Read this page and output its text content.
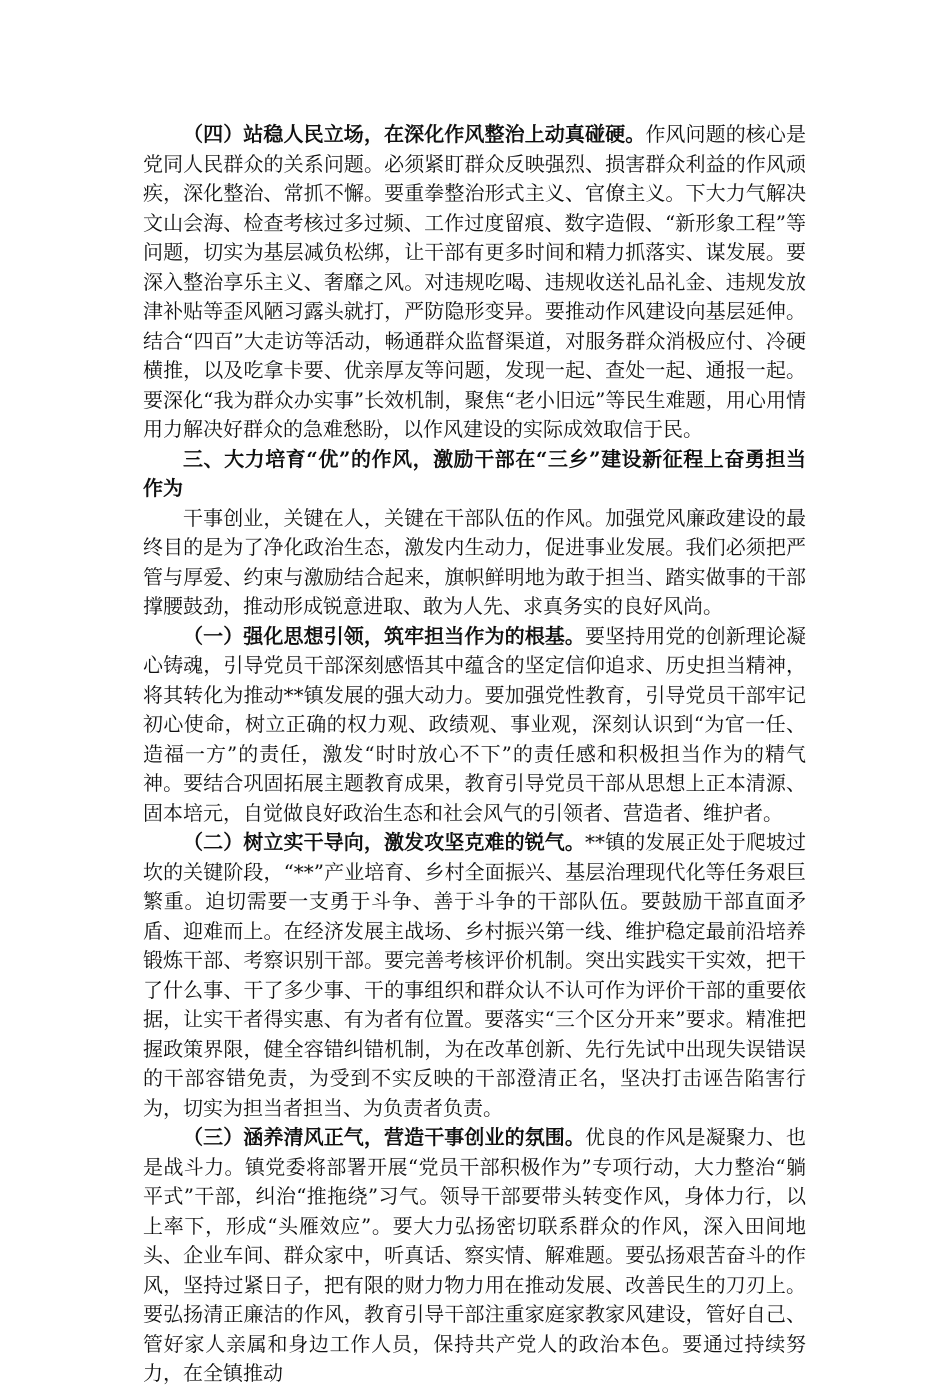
（四）站稳人民立场，在深化作风整治上动真碰硬。作风问题的核心是党同人民群众的关系问题。必须紧盯群众反映强烈、损害群众利益的作风顽疾，深化整治、常抓不懈。要重拳整治形式主义、官僚主义。下大力气解决文山会海、检查考核过多过频、工作过度留痕、数字造假、“新形象工程”等问题，切实为基层减负松绑，让干部有更多时间和精力抓落实、谋发展。要深入整治享乐主义、奢靡之风。对违规吃喝、违规收送礼品礼金、违规发放津补贴等歪风陋习露头就打，严防隐形变异。要推动作风建设向基层延伸。结合“四百”大走访等活动，畅通群众监督渠道，对服务群众消极应付、冷硬横推，以及吃拿卡要、优亲厚友等问题，发现一起、查处一起、通报一起。要深化“我为群众办实事”长效机制，聚焦“老小旧远”等民生难题，用心用情用力解决好群众的急难愁盼，以作风建设的实际成效取信于民。

三、大力培育“优”的作风，激励干部在“三乡”建设新征程上奋勇担当作为

干事创业，关键在人，关键在干部队伍的作风。加强党风廉政建设的最终目的是为了净化政治生态，激发内生动力，促进事业发展。我们必须把严管与厚爱、约束与激励结合起来，旗帜鲜明地为敢于担当、踏实做事的干部撑腰鼓劲，推动形成锐意进取、敢为人先、求真务实的良好风尚。

（一）强化思想引领，筑牢担当作为的根基。要坚持用党的创新理论凝心铸魂，引导党员干部深刻感悟其中蕴含的坚定信仰追求、历史担当精神，将其转化为推动**镇发展的强大动力。要加强党性教育，引导党员干部牢记初心使命，树立正确的权力观、政绩观、事业观，深刻认识到“为官一任、造福一方”的责任，激发“时时放心不下”的责任感和积极担当作为的精气神。要结合巩固拓展主题教育成果，教育引导党员干部从思想上正本清源、固本培元，自觉做良好政治生态和社会风气的引领者、营造者、维护者。

（二）树立实干导向，激发攻坚克难的锐气。**镇的发展正处于爬坡过坎的关键阶段，“**”产业培育、乡村全面振兴、基层治理现代化等任务艰巨繁重。迫切需要一支勇于斗争、善于斗争的干部队伍。要鼓励干部直面矛盾、迎难而上。在经济发展主战场、乡村振兴第一线、维护稳定最前沿培养锻炼干部、考察识别干部。要完善考核评价机制。突出实践实干实效，把干了什么事、干了多少事、干的事组织和群众认不认可作为评价干部的重要依据，让实干者得实惠、有为者有位置。要落实“三个区分开来”要求。精准把握政策界限，健全容错纠错机制，为在改革创新、先行先试中出现失误错误的干部容错免责，为受到不实反映的干部澄清正名，坚决打击诬告陷害行为，切实为担当者担当、为负责者负责。

（三）涵养清风正气，营造干事创业的氛围。优良的作风是凝聚力、也是战斗力。镇党委将部署开展“党员干部积极作为”专项行动，大力整治“躺平式”干部，纠治“推拖绕”习气。领导干部要带头转变作风，身体力行，以上率下，形成“头雁效应”。要大力弘扬密切联系群众的作风，深入田间地头、企业车间、群众家中，听真话、察实情、解难题。要弘扬艰苦奋斗的作风，坚持过紧日子，把有限的财力物力用在推动发展、改善民生的刀刃上。要弘扬清正廉洁的作风，教育引导干部注重家庭家教家风建设，管好自己、管好家人亲属和身边工作人员，保持共产党人的政治本色。要通过持续努力，在全镇推动
